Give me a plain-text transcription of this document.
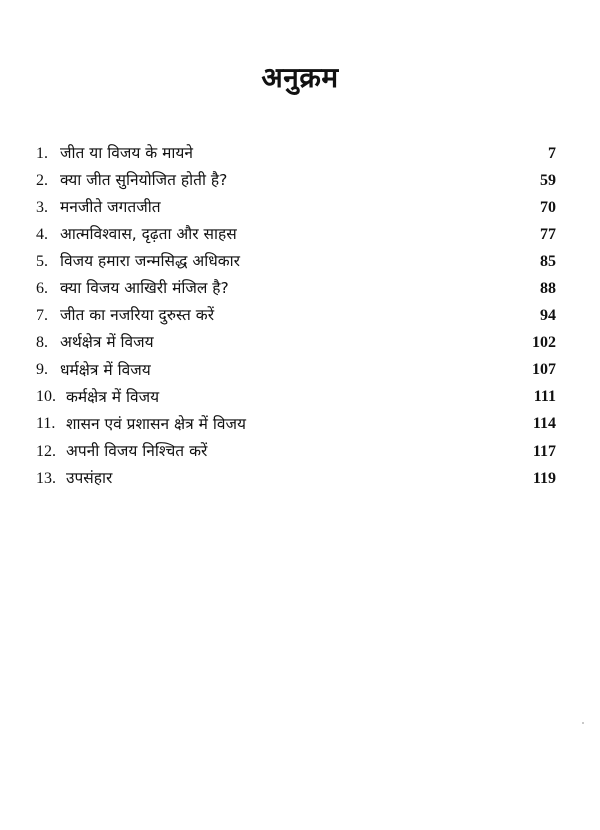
अनुक्रम
1. जीत या विजय के मायने	7
2. क्या जीत सुनियोजित होती है?	59
3. मनजीते जगतजीत	70
4. आत्मविश्वास, दृढ़ता और साहस	77
5. विजय हमारा जन्मसिद्ध अधिकार	85
6. क्या विजय आखिरी मंजिल है?	88
7. जीत का नजरिया दुरुस्त करें	94
8. अर्थक्षेत्र में विजय	102
9. धर्मक्षेत्र में विजय	107
10. कर्मक्षेत्र में विजय	111
11. शासन एवं प्रशासन क्षेत्र में विजय	114
12. अपनी विजय निश्चित करें	117
13. उपसंहार	119
